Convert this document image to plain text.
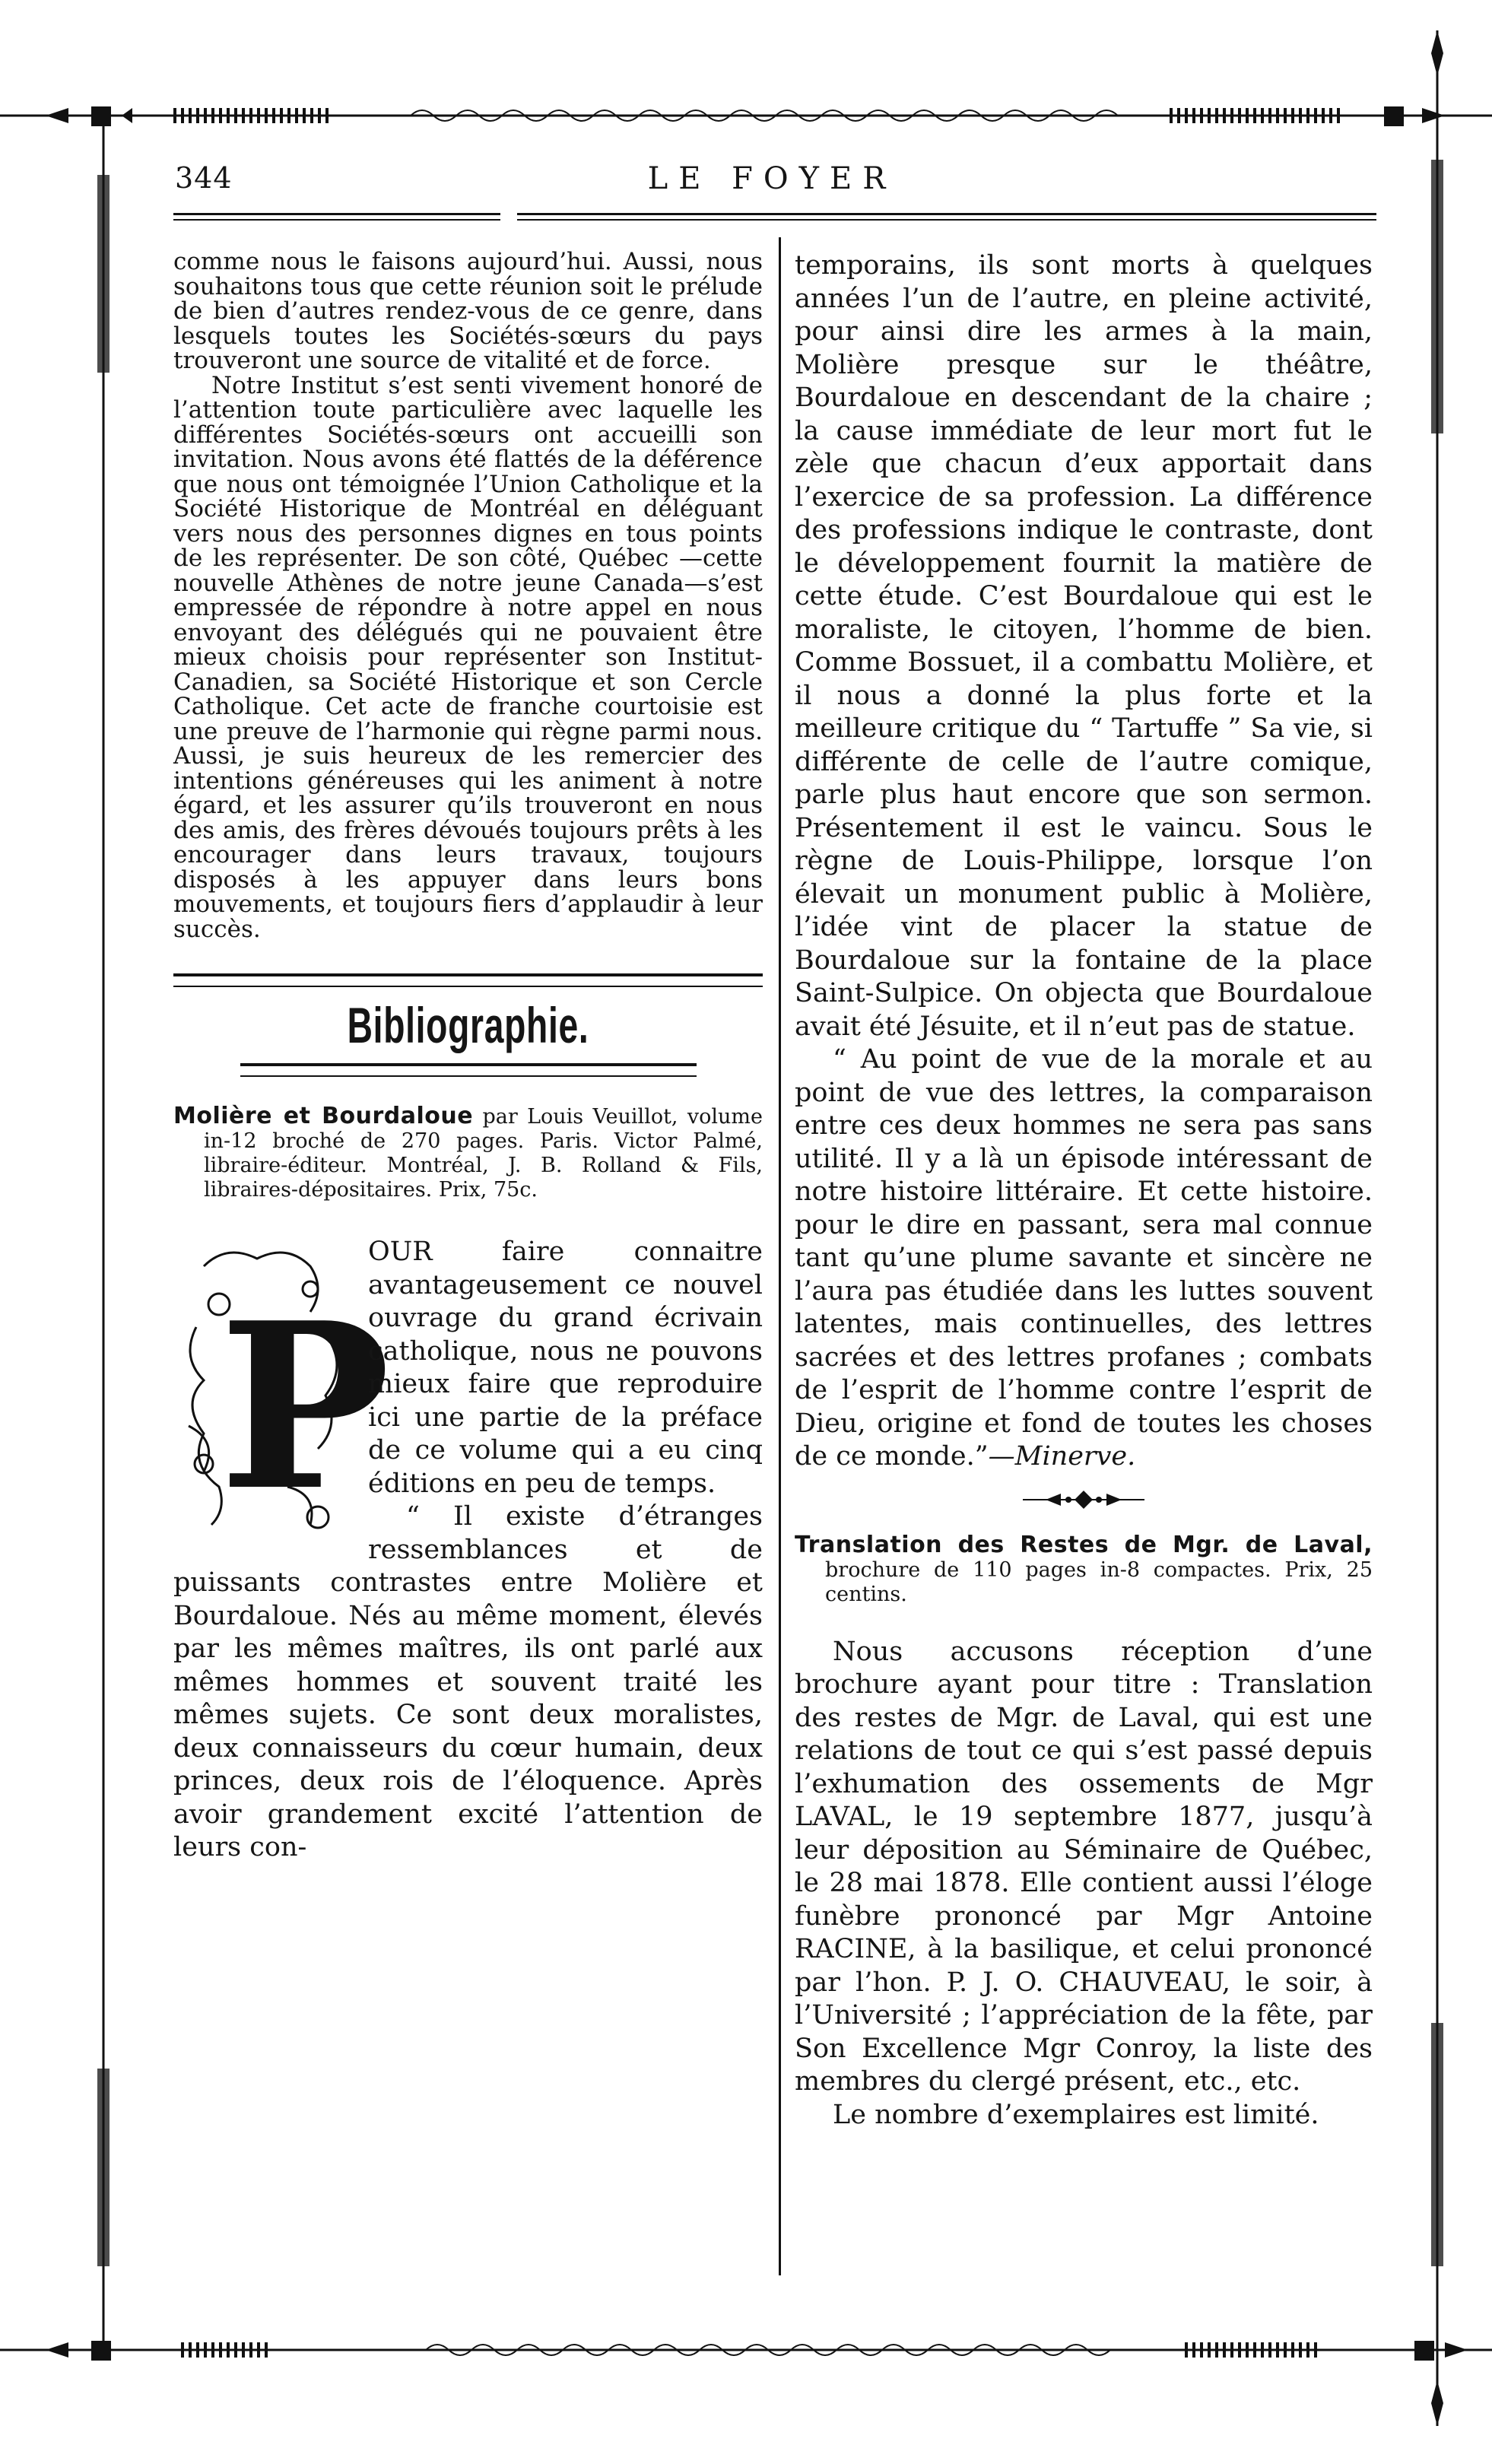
344	LE FOYER

comme nous le faisons aujourd’hui. Aussi, nous souhaitons tous que cette réunion soit le prélude de bien d’autres rendez-vous de ce genre, dans lesquels toutes les Sociétés-sœurs du pays trouveront une source de vitalité et de force.

Notre Institut s’est senti vivement honoré de l’attention toute particulière avec laquelle les différentes Sociétés-sœurs ont accueilli son invitation. Nous avons été flattés de la déférence que nous ont témoignée l’Union Catholique et la Société Historique de Montréal en déléguant vers nous des personnes dignes en tous points de les représenter. De son côté, Québec —cette nouvelle Athènes de notre jeune Canada—s’est empressée de répondre à notre appel en nous envoyant des délégués qui ne pouvaient être mieux choisis pour représenter son Institut-Canadien, sa Société Historique et son Cercle Catholique. Cet acte de franche courtoisie est une preuve de l’harmonie qui règne parmi nous. Aussi, je suis heureux de les remercier des intentions généreuses qui les animent à notre égard, et les assurer qu’ils trouveront en nous des amis, des frères dévoués toujours prêts à les encourager dans leurs travaux, toujours disposés à les appuyer dans leurs bons mouvements, et toujours fiers d’applaudir à leur succès.

Bibliographie.

Molière et Bourdaloue par Louis Veuillot, volume in-12 broché de 270 pages. Paris. Victor Palmé, libraire-éditeur. Montréal, J. B. Rolland & Fils, libraires-dépositaires. Prix, 75c.

P

OUR faire connaitre avantageusement ce nouvel ouvrage du grand écrivain catholique, nous ne pouvons mieux faire que reproduire ici une partie de la préface de ce volume qui a eu cinq éditions en peu de temps.

“ Il existe d’étranges ressemblances et de puissants contrastes entre Molière et Bourdaloue. Nés au même moment, élevés par les mêmes maîtres, ils ont parlé aux mêmes hommes et souvent traité les mêmes sujets. Ce sont deux moralistes, deux connaisseurs du cœur humain, deux princes, deux rois de l’éloquence. Après avoir grandement excité l’attention de leurs con-

temporains, ils sont morts à quelques années l’un de l’autre, en pleine activité, pour ainsi dire les armes à la main, Molière presque sur le théâtre, Bourdaloue en descendant de la chaire ; la cause immédiate de leur mort fut le zèle que chacun d’eux apportait dans l’exercice de sa profession. La différence des professions indique le contraste, dont le développement fournit la matière de cette étude. C’est Bourdaloue qui est le moraliste, le citoyen, l’homme de bien. Comme Bossuet, il a combattu Molière, et il nous a donné la plus forte et la meilleure critique du “ Tartuffe ” Sa vie, si différente de celle de l’autre comique, parle plus haut encore que son sermon. Présentement il est le vaincu. Sous le règne de Louis-Philippe, lorsque l’on élevait un monument public à Molière, l’idée vint de placer la statue de Bourdaloue sur la fontaine de la place Saint-Sulpice. On objecta que Bourdaloue avait été Jésuite, et il n’eut pas de statue.

“ Au point de vue de la morale et au point de vue des lettres, la comparaison entre ces deux hommes ne sera pas sans utilité. Il y a là un épisode intéressant de notre histoire littéraire. Et cette histoire. pour le dire en passant, sera mal connue tant qu’une plume savante et sincère ne l’aura pas étudiée dans les luttes souvent latentes, mais continuelles, des lettres sacrées et des lettres profanes ; combats de l’esprit de l’homme contre l’esprit de Dieu, origine et fond de toutes les choses de ce monde.”—Minerve.

Translation des Restes de Mgr. de Laval, brochure de 110 pages in-8 compactes. Prix, 25 centins.

Nous accusons réception d’une brochure ayant pour titre : Translation des restes de Mgr. de Laval, qui est une relations de tout ce qui s’est passé depuis l’exhumation des ossements de Mgr LAVAL, le 19 septembre 1877, jusqu’à leur déposition au Séminaire de Québec, le 28 mai 1878. Elle contient aussi l’éloge funèbre prononcé par Mgr Antoine RACINE, à la basilique, et celui prononcé par l’hon. P. J. O. CHAUVEAU, le soir, à l’Université ; l’appréciation de la fête, par Son Excellence Mgr Conroy, la liste des membres du clergé présent, etc., etc.

Le nombre d’exemplaires est limité.
